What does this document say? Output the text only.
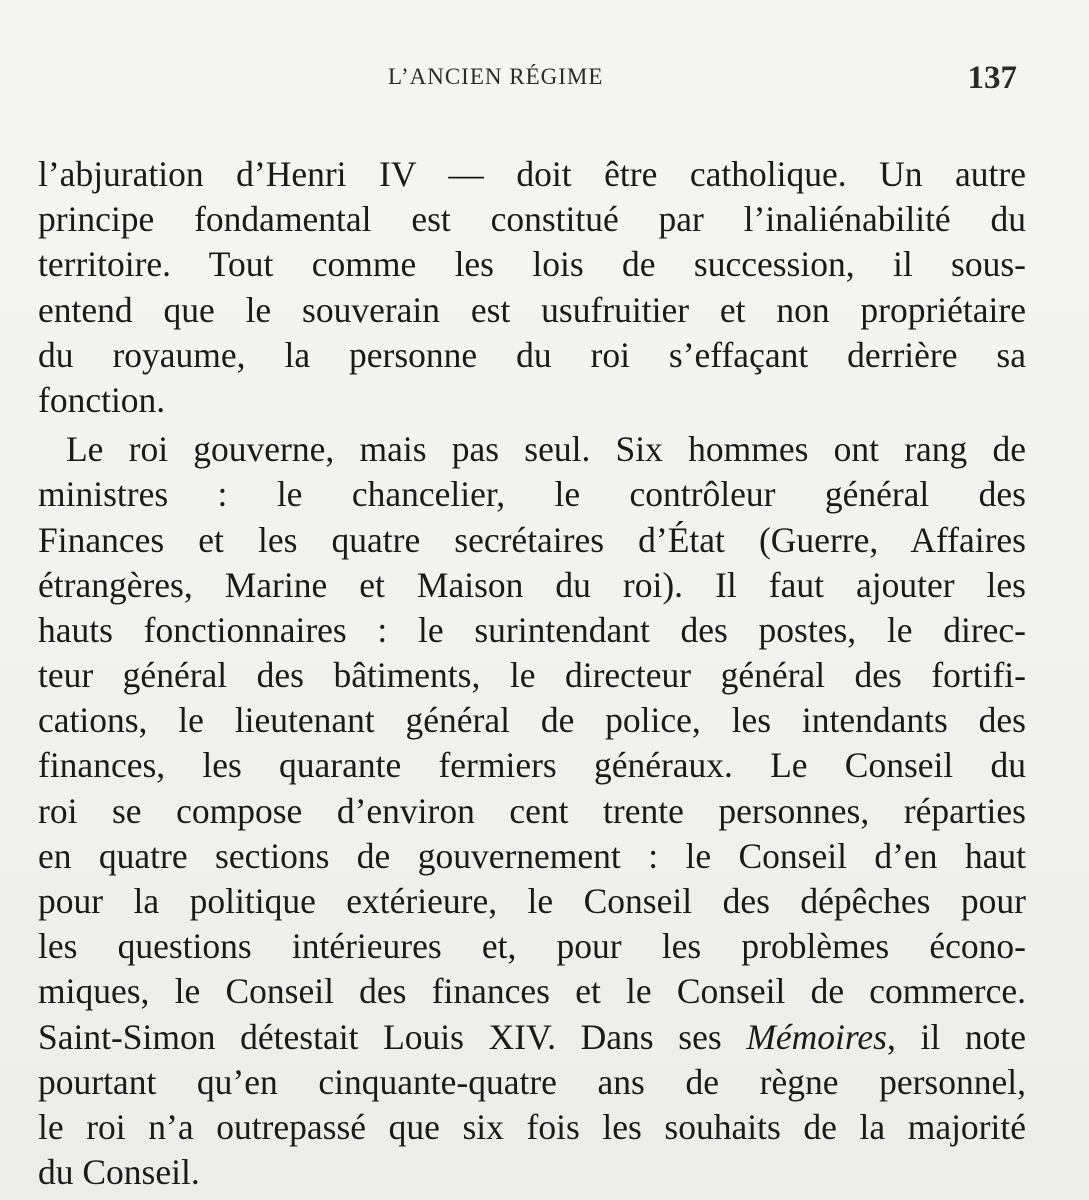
L’ANCIEN RÉGIME	137
l’abjuration d’Henri IV — doit être catholique. Un autre
principe fondamental est constitué par l’inaliénabilité du
territoire. Tout comme les lois de succession, il sous-
entend que le souverain est usufruitier et non propriétaire
du royaume, la personne du roi s’effaçant derrière sa
fonction.
Le roi gouverne, mais pas seul. Six hommes ont rang de
ministres : le chancelier, le contrôleur général des
Finances et les quatre secrétaires d’État (Guerre, Affaires
étrangères, Marine et Maison du roi). Il faut ajouter les
hauts fonctionnaires : le surintendant des postes, le direc-
teur général des bâtiments, le directeur général des fortifi-
cations, le lieutenant général de police, les intendants des
finances, les quarante fermiers généraux. Le Conseil du
roi se compose d’environ cent trente personnes, réparties
en quatre sections de gouvernement : le Conseil d’en haut
pour la politique extérieure, le Conseil des dépêches pour
les questions intérieures et, pour les problèmes écono-
miques, le Conseil des finances et le Conseil de commerce.
Saint-Simon détestait Louis XIV. Dans ses Mémoires, il note
pourtant qu’en cinquante-quatre ans de règne personnel,
le roi n’a outrepassé que six fois les souhaits de la majorité
du Conseil.
